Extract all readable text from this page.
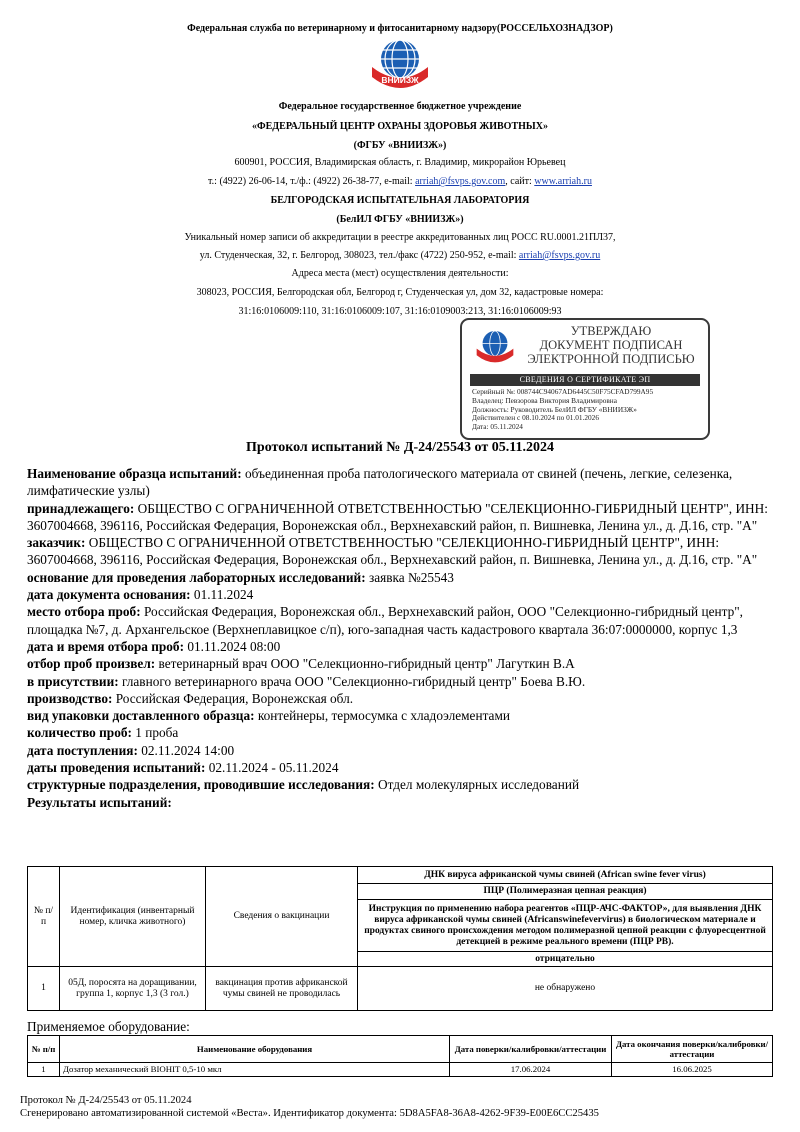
Федеральная служба по ветеринарному и фитосанитарному надзору(РОССЕЛЬХОЗНАДЗОР)
ВНИИЗЖ
Федеральное государственное бюджетное учреждение
«ФЕДЕРАЛЬНЫЙ ЦЕНТР ОХРАНЫ ЗДОРОВЬЯ ЖИВОТНЫХ»
(ФГБУ «ВНИИЗЖ»)
600901, РОССИЯ, Владимирская область, г. Владимир, микрорайон Юрьевец
т.: (4922) 26-06-14, т./ф.: (4922) 26-38-77, e-mail: arriah@fsvps.gov.com, сайт: www.arriah.ru
БЕЛГОРОДСКАЯ ИСПЫТАТЕЛЬНАЯ ЛАБОРАТОРИЯ
(БелИЛ ФГБУ «ВНИИЗЖ»)
Уникальный номер записи об аккредитации в реестре аккредитованных лиц РОСС RU.0001.21ПЛ37,
ул. Студенческая, 32, г. Белгород, 308023, тел./факс (4722) 250-952, e-mail: arriah@fsvps.gov.ru
Адреса места (мест) осуществления деятельности:
308023, РОССИЯ, Белгородская обл, Белгород г, Студенческая ул, дом 32, кадастровые номера:
31:16:0106009:110, 31:16:0106009:107, 31:16:0109003:213, 31:16:0106009:93
УТВЕРЖДАЮ
ДОКУМЕНТ ПОДПИСАН
ЭЛЕКТРОННОЙ ПОДПИСЬЮ
СВЕДЕНИЯ О СЕРТИФИКАТЕ ЭП
Серийный №: 008744C94067AD6445C50F75CFAD799A95
Владелец: Певзорова Виктория Владимировна
Должность: Руководитель БелИЛ ФГБУ «ВНИИЗЖ»
Действителен с 08.10.2024 по 01.01.2026
Дата: 05.11.2024
Протокол испытаний № Д-24/25543 от 05.11.2024

Наименование образца испытаний: объединенная проба патологического материала от свиней (печень, легкие, селезенка, лимфатические узлы)

принадлежащего: ОБЩЕСТВО С ОГРАНИЧЕННОЙ ОТВЕТСТВЕННОСТЬЮ "СЕЛЕКЦИОННО-ГИБРИДНЫЙ ЦЕНТР", ИНН: 3607004668, 396116, Российская Федерация, Воронежская обл., Верхнехавский район, п. Вишневка, Ленина ул., д. Д.16, стр. "А"

заказчик: ОБЩЕСТВО С ОГРАНИЧЕННОЙ ОТВЕТСТВЕННОСТЬЮ "СЕЛЕКЦИОННО-ГИБРИДНЫЙ ЦЕНТР", ИНН: 3607004668, 396116, Российская Федерация, Воронежская обл., Верхнехавский район, п. Вишневка, Ленина ул., д. Д.16, стр. "А"

основание для проведения лабораторных исследований: заявка №25543

дата документа основания: 01.11.2024

место отбора проб: Российская Федерация, Воронежская обл., Верхнехавский район, ООО "Селекционно-гибридный центр", площадка №7, д. Архангельское (Верхнеплавицкое с/п), юго-западная часть кадастрового квартала 36:07:0000000, корпус 1,3

дата и время отбора проб: 01.11.2024 08:00

отбор проб произвел: ветеринарный врач ООО "Селекционно-гибридный центр" Лагуткин В.А

в присутствии: главного ветеринарного врача ООО "Селекционно-гибридный центр" Боева В.Ю.

производство: Российская Федерация, Воронежская обл.

вид упаковки доставленного образца: контейнеры, термосумка с хладоэлементами

количество проб: 1 проба

дата поступления: 02.11.2024 14:00

даты проведения испытаний: 02.11.2024 - 05.11.2024

структурные подразделения, проводившие исследования: Отдел молекулярных исследований

Результаты испытаний:

№ п/п	Идентификация (инвентарный номер, кличка животного)	Сведения о вакцинации	ДНК вируса африканской чумы свиней (African swine fever virus)
			ПЦР (Полимеразная цепная реакция)
			Инструкция по применению набора реагентов «ПЦР-АЧС-ФАКТОР», для выявления ДНК вируса африканской чумы свиней (Africanswinefevervirus) в биологическом материале и продуктах свиного происхождения методом полимеразной цепной реакции с флуоресцентной детекцией в режиме реального времени (ПЦР РВ).
			отрицательно
1	05Д, поросята на доращивании, группа 1, корпус 1,3 (3 гол.)	вакцинация против африканской чумы свиней не проводилась	не обнаружено
Применяемое оборудование:
№ п/п	Наименование оборудования	Дата поверки/калибровки/аттестации	Дата окончания поверки/калибровки/аттестации
1	Дозатор механический BIOHIT 0,5-10 мкл	17.06.2024	16.06.2025
Протокол № Д-24/25543 от 05.11.2024
Сгенерировано автоматизированной системой «Веста». Идентификатор документа: 5D8A5FA8-36A8-4262-9F39-E00E6CC25435
